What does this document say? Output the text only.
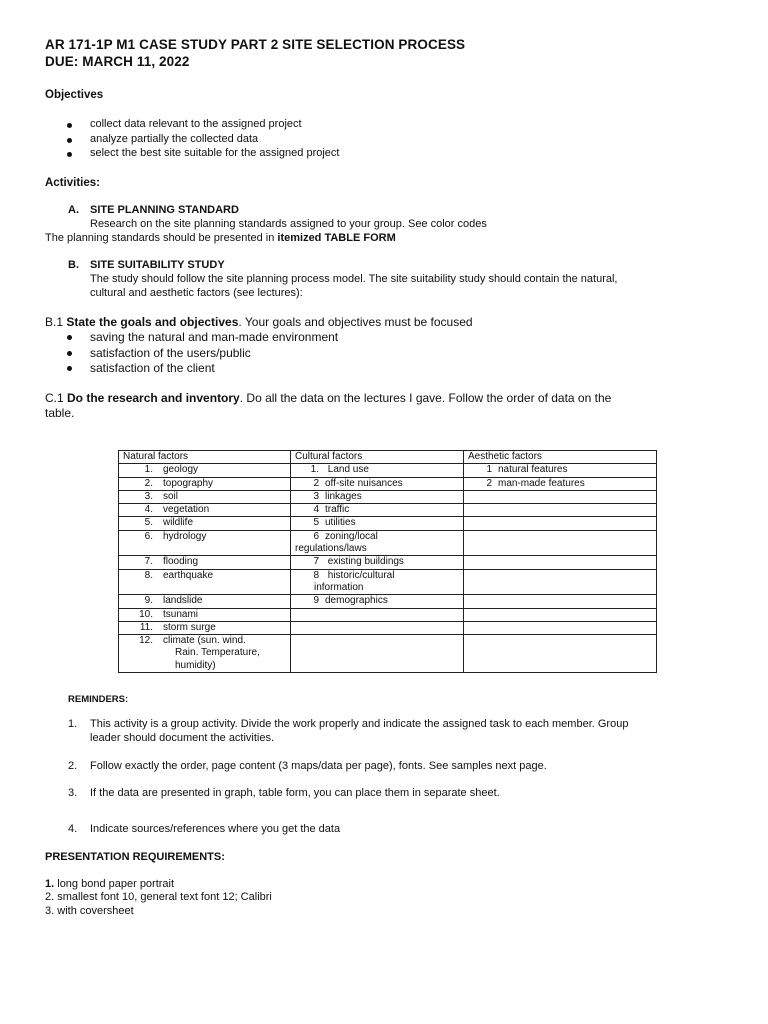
AR 171-1P M1 CASE STUDY PART 2 SITE SELECTION PROCESS
DUE: MARCH 11, 2022
Objectives
collect data relevant to the assigned project
analyze partially the collected data
select the best site suitable for the assigned project
Activities:
A. SITE PLANNING STANDARD
Research on the site planning standards assigned to your group. See color codes
The planning standards should be presented in itemized TABLE FORM
B. SITE SUITABILITY STUDY
The study should follow the site planning process model. The site suitability study should contain the natural,
cultural and aesthetic factors (see lectures):
B.1 State the goals and objectives. Your goals and objectives must be focused
saving the natural and man-made environment
satisfaction of the users/public
satisfaction of the client
C.1 Do the research and inventory. Do all the data on the lectures I gave. Follow the order of data on the
table.
Natural factors	Cultural factors	Aesthetic factors
1. geology	1. Land use	1 natural features
2. topography	2 off-site nuisances	2 man-made features
3. soil	3 linkages	
4. vegetation	4 traffic	
5. wildlife	5 utilities	
6. hydrology	6 zoning/local
regulations/laws	

7. flooding	7 existing buildings	
8. earthquake	8 historic/cultural
information	

9. landslide	9 demographics	
10. tsunami		
11. storm surge		
12. climate (sun. wind.
Rain. Temperature,
humidity)		

REMINDERS:
1. This activity is a group activity. Divide the work properly and indicate the assigned task to each member. Group
leader should document the activities.
2. Follow exactly the order, page content (3 maps/data per page), fonts. See samples next page.
3. If the data are presented in graph, table form, you can place them in separate sheet.
4. Indicate sources/references where you get the data
PRESENTATION REQUIREMENTS:
1. long bond paper portrait
2. smallest font 10, general text font 12; Calibri
3. with coversheet
